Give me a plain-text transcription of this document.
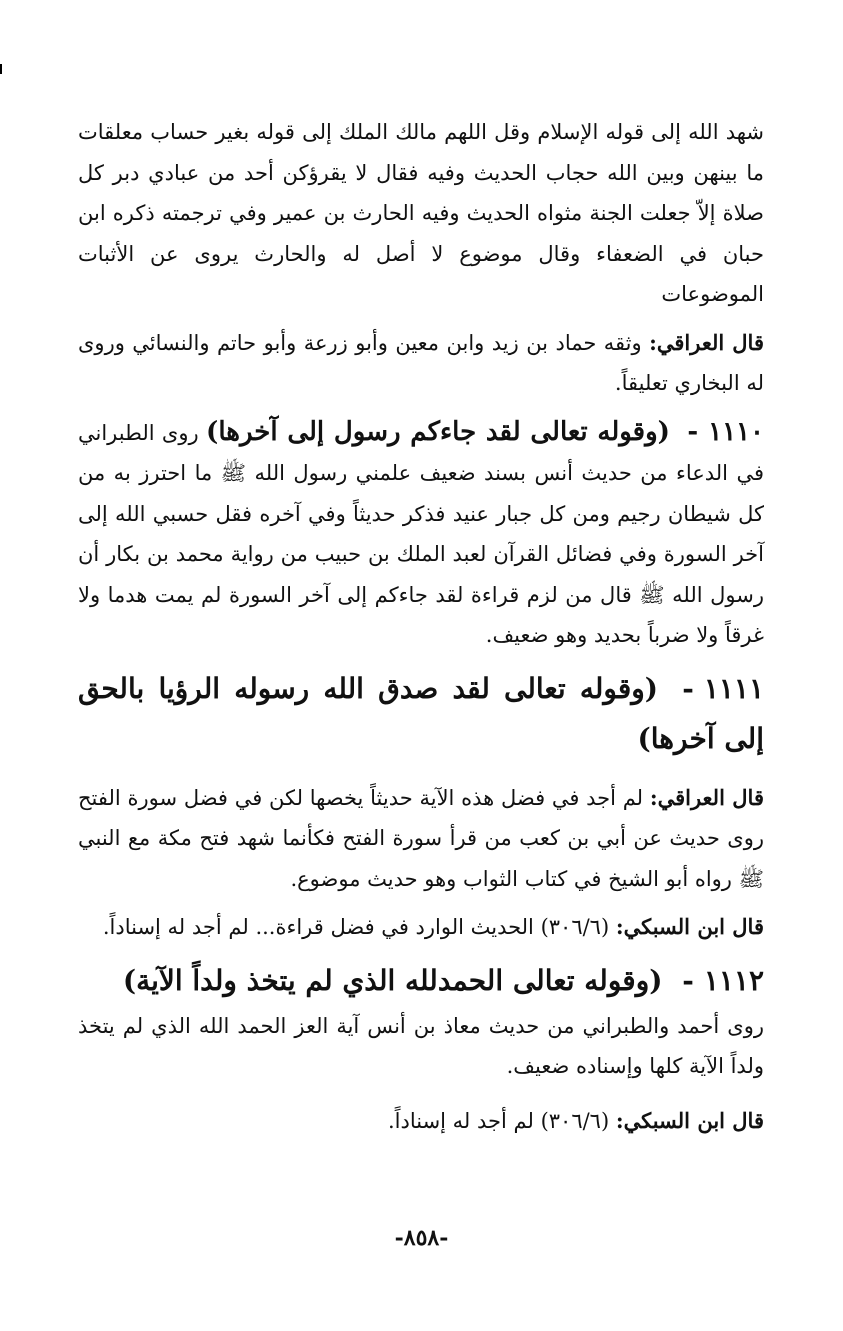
شهد الله إلى قوله الإسلام وقل اللهم مالك الملك إلى قوله بغير حساب معلقات ما بينهن وبين الله حجاب الحديث وفيه فقال لا يقرؤكن أحد من عبادي دبر كل صلاة إلاّ جعلت الجنة مثواه الحديث وفيه الحارث بن عمير وفي ترجمته ذكره ابن حبان في الضعفاء وقال موضوع لا أصل له والحارث يروى عن الأثبات الموضوعات

قال العراقي: وثقه حماد بن زيد وابن معين وأبو زرعة وأبو حاتم والنسائي وروى له البخاري تعليقاً.

١١١٠- (وقوله تعالى لقد جاءكم رسول إلى آخرها) روى الطبراني في الدعاء من حديث أنس بسند ضعيف علمني رسول الله ﷺ ما احترز به من كل شيطان رجيم ومن كل جبار عنيد فذكر حديثاً وفي آخره فقل حسبي الله إلى آخر السورة وفي فضائل القرآن لعبد الملك بن حبيب من رواية محمد بن بكار أن رسول الله ﷺ قال من لزم قراءة لقد جاءكم إلى آخر السورة لم يمت هدما ولا غرقاً ولا ضرباً بحديد وهو ضعيف.

١١١١- (وقوله تعالى لقد صدق الله رسوله الرؤيا بالحق إلى آخرها)

قال العراقي: لم أجد في فضل هذه الآية حديثاً يخصها لكن في فضل سورة الفتح روى حديث عن أبي بن كعب من قرأ سورة الفتح فكأنما شهد فتح مكة مع النبي ﷺ رواه أبو الشيخ في كتاب الثواب وهو حديث موضوع.

قال ابن السبكي: (٣٠٦/٦) الحديث الوارد في فضل قراءة... لم أجد له إسناداً.

١١١٢- (وقوله تعالى الحمدلله الذي لم يتخذ ولداً الآية)

روى أحمد والطبراني من حديث معاذ بن أنس آية العز الحمد الله الذي لم يتخذ ولداً الآية كلها وإسناده ضعيف.

قال ابن السبكي: (٣٠٦/٦) لم أجد له إسناداً.

-٨٥٨-
